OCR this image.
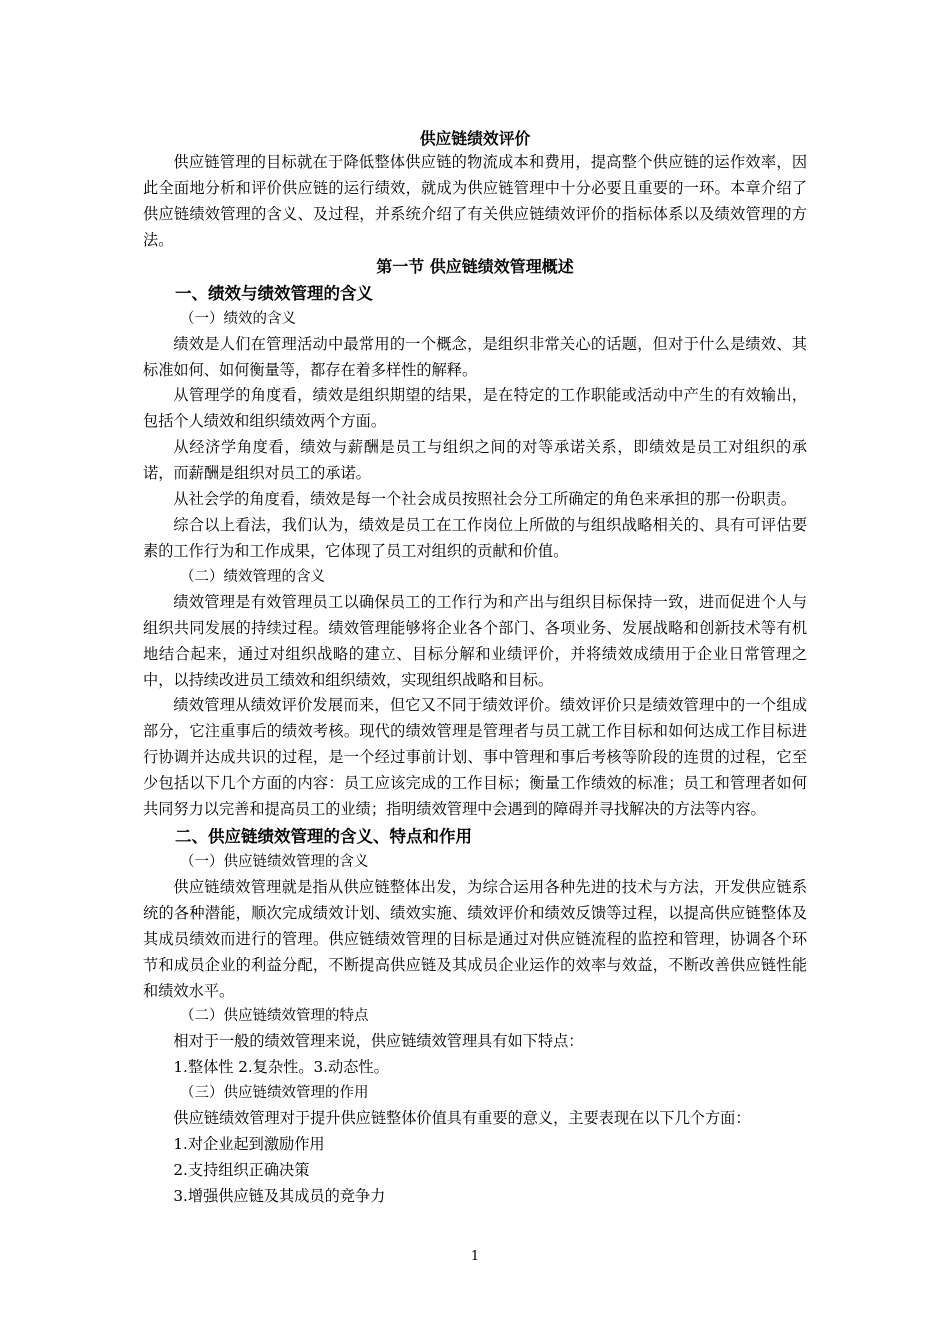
供应链绩效评价

供应链管理的目标就在于降低整体供应链的物流成本和费用，提高整个供应链的运作效率，因此全面地分析和评价供应链的运行绩效，就成为供应链管理中十分必要且重要的一环。本章介绍了供应链绩效管理的含义、及过程，并系统介绍了有关供应链绩效评价的指标体系以及绩效管理的方法。

第一节 供应链绩效管理概述

一、绩效与绩效管理的含义

（一）绩效的含义

绩效是人们在管理活动中最常用的一个概念，是组织非常关心的话题，但对于什么是绩效、其标准如何、如何衡量等，都存在着多样性的解释。

从管理学的角度看，绩效是组织期望的结果，是在特定的工作职能或活动中产生的有效输出，包括个人绩效和组织绩效两个方面。

从经济学角度看，绩效与薪酬是员工与组织之间的对等承诺关系，即绩效是员工对组织的承诺，而薪酬是组织对员工的承诺。

从社会学的角度看，绩效是每一个社会成员按照社会分工所确定的角色来承担的那一份职责。

综合以上看法，我们认为，绩效是员工在工作岗位上所做的与组织战略相关的、具有可评估要素的工作行为和工作成果，它体现了员工对组织的贡献和价值。

（二）绩效管理的含义

绩效管理是有效管理员工以确保员工的工作行为和产出与组织目标保持一致，进而促进个人与组织共同发展的持续过程。绩效管理能够将企业各个部门、各项业务、发展战略和创新技术等有机地结合起来，通过对组织战略的建立、目标分解和业绩评价，并将绩效成绩用于企业日常管理之中，以持续改进员工绩效和组织绩效，实现组织战略和目标。

绩效管理从绩效评价发展而来，但它又不同于绩效评价。绩效评价只是绩效管理中的一个组成部分，它注重事后的绩效考核。现代的绩效管理是管理者与员工就工作目标和如何达成工作目标进行协调并达成共识的过程，是一个经过事前计划、事中管理和事后考核等阶段的连贯的过程，它至少包括以下几个方面的内容：员工应该完成的工作目标；衡量工作绩效的标准；员工和管理者如何共同努力以完善和提高员工的业绩；指明绩效管理中会遇到的障碍并寻找解决的方法等内容。

二、供应链绩效管理的含义、特点和作用

（一）供应链绩效管理的含义

供应链绩效管理就是指从供应链整体出发，为综合运用各种先进的技术与方法，开发供应链系统的各种潜能，顺次完成绩效计划、绩效实施、绩效评价和绩效反馈等过程，以提高供应链整体及其成员绩效而进行的管理。供应链绩效管理的目标是通过对供应链流程的监控和管理，协调各个环节和成员企业的利益分配，不断提高供应链及其成员企业运作的效率与效益，不断改善供应链性能和绩效水平。

（二）供应链绩效管理的特点

相对于一般的绩效管理来说，供应链绩效管理具有如下特点：

1.整体性 2.复杂性。3.动态性。

（三）供应链绩效管理的作用

供应链绩效管理对于提升供应链整体价值具有重要的意义，主要表现在以下几个方面：

1.对企业起到激励作用

2.支持组织正确决策

3.增强供应链及其成员的竞争力

1
